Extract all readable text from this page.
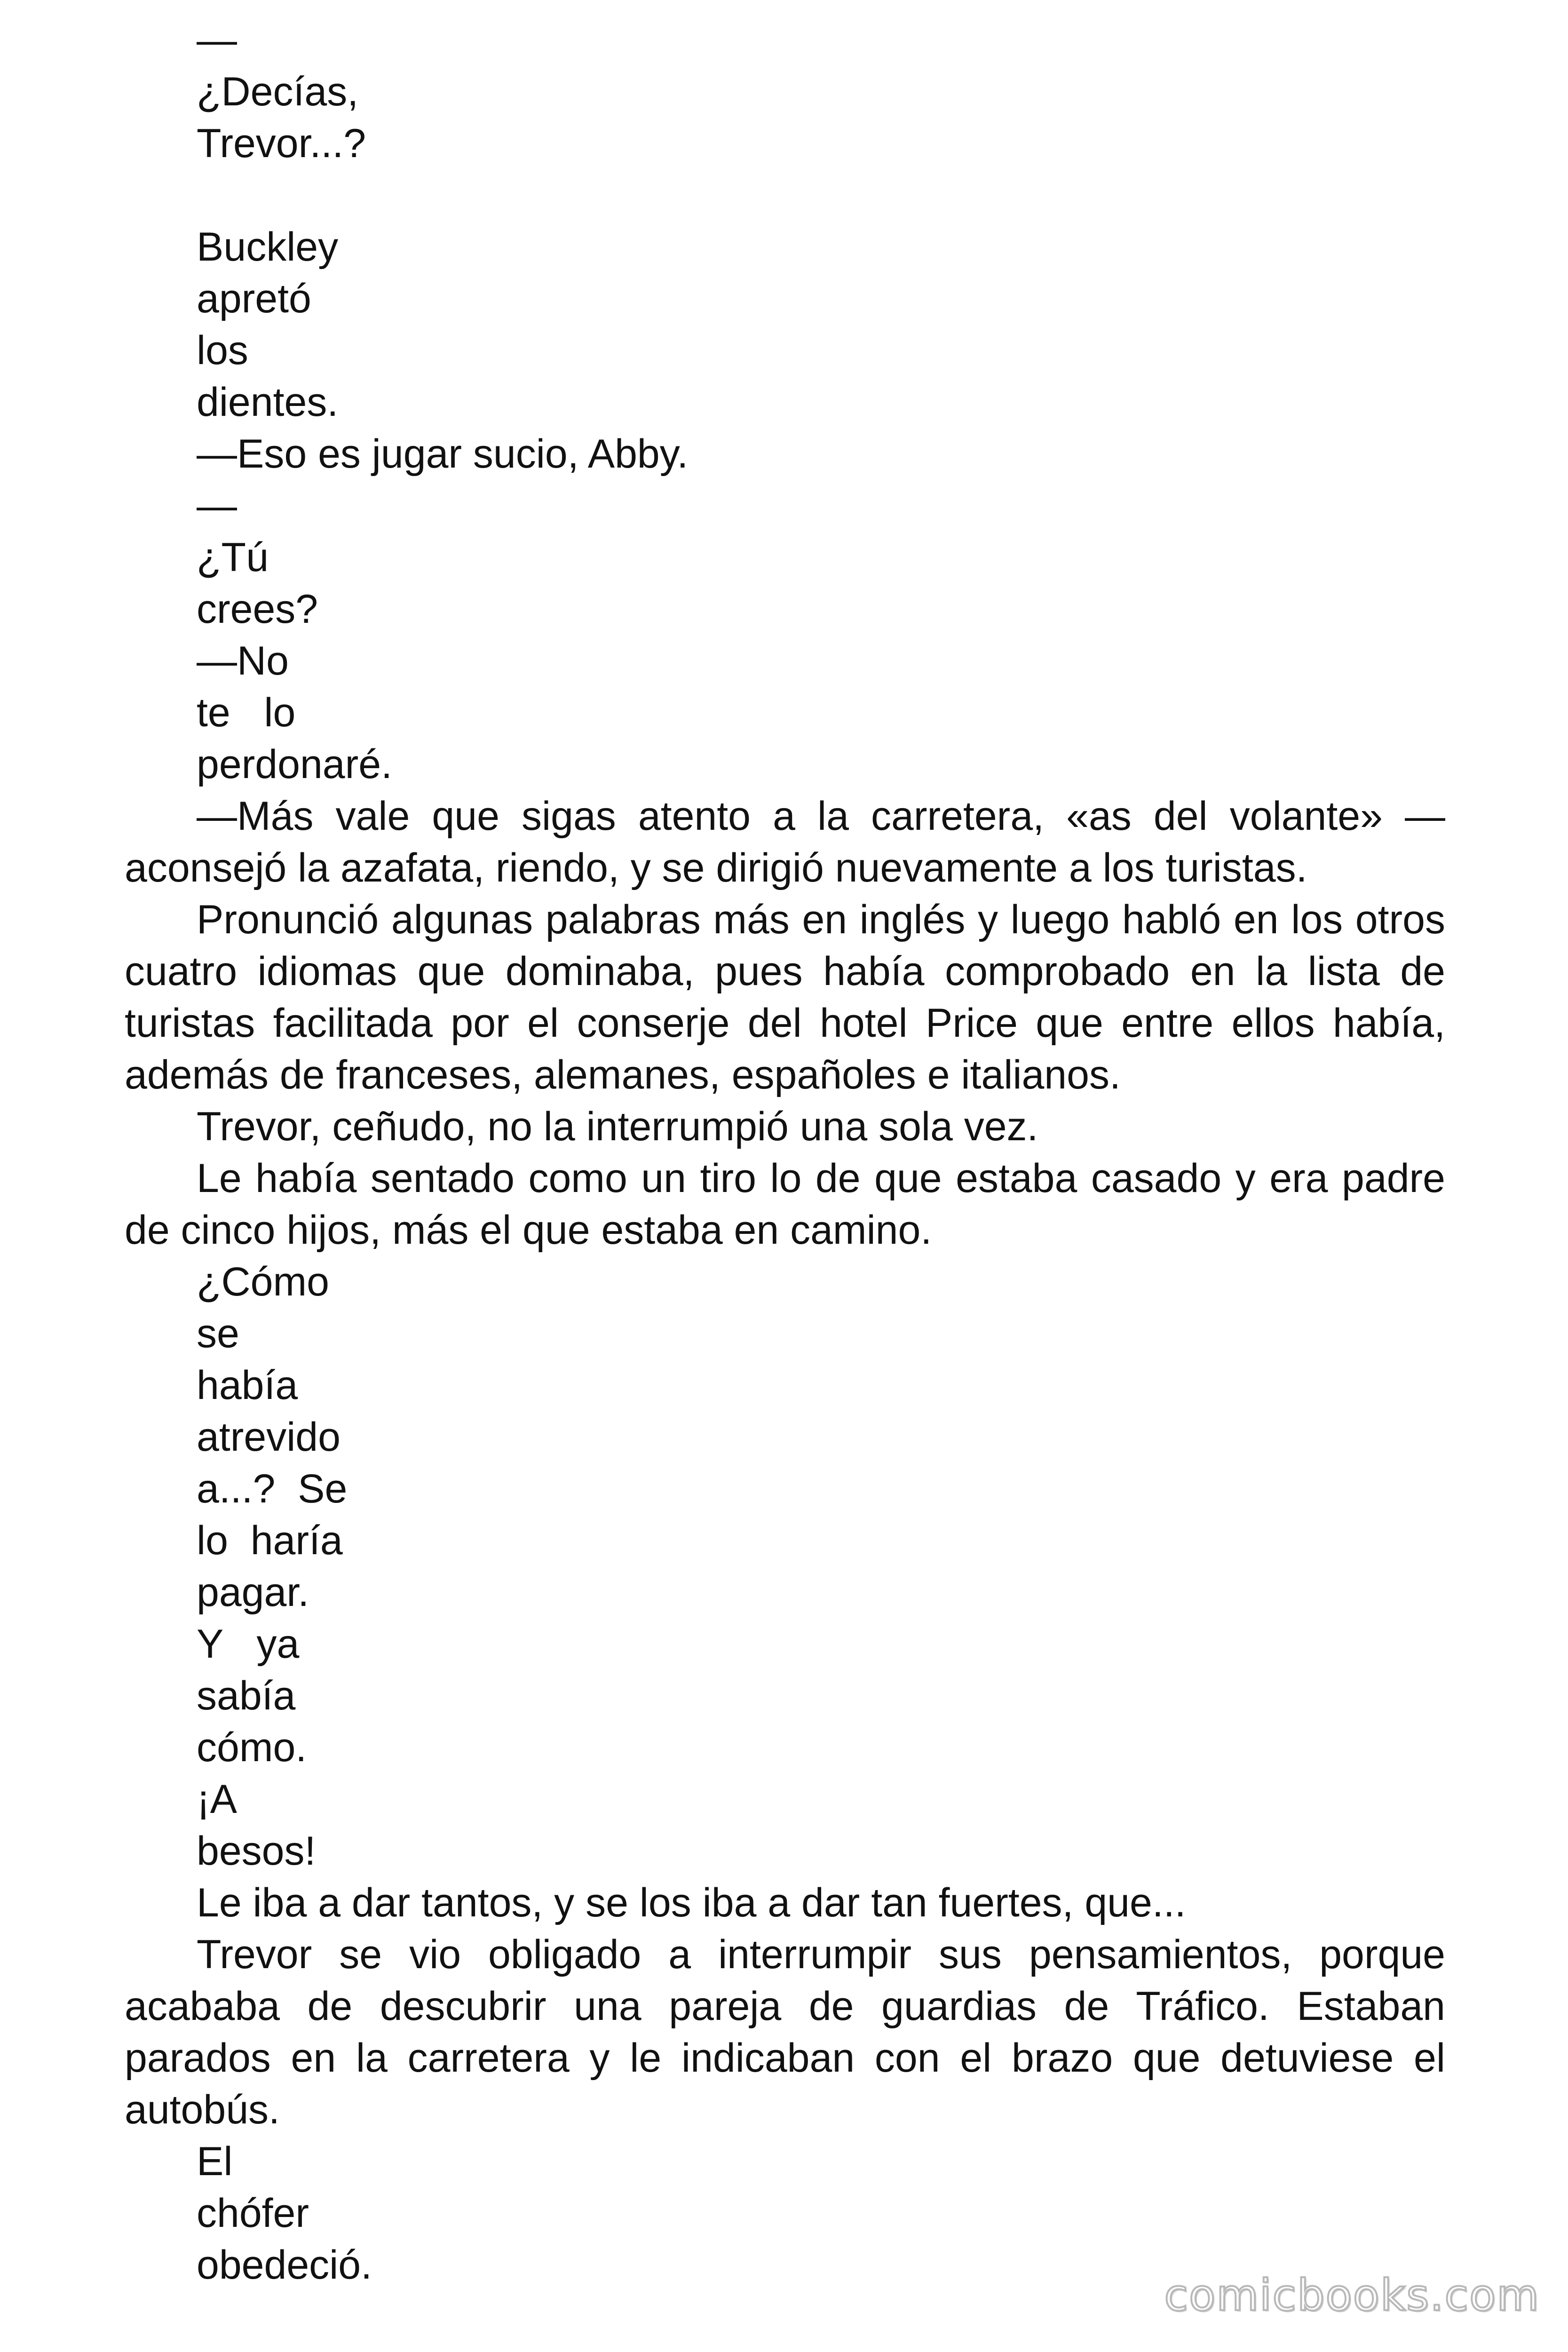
—

¿Decías,

Trevor...?

Buckley

apretó

los

dientes.

—Eso es jugar sucio, Abby.

—

¿Tú

crees?

—No

te   lo

perdonaré.

—Más vale que sigas atento a la carretera, «as del volante» —aconsejó la azafata, riendo, y se dirigió nuevamente a los turistas.

Pronunció algunas palabras más en inglés y luego habló en los otros cuatro idiomas que dominaba, pues había comprobado en la lista de turistas facilitada por el conserje del hotel Price que entre ellos había, además de franceses, alemanes, españoles e italianos.

Trevor, ceñudo, no la interrumpió una sola vez.

Le había sentado como un tiro lo de que estaba casado y era padre de cinco hijos, más el que estaba en camino.

¿Cómo

se

había

atrevido

a...?  Se

lo  haría

pagar.

Y   ya

sabía

cómo.

¡A

besos!

Le iba a dar tantos, y se los iba a dar tan fuertes, que...

Trevor se vio obligado a interrumpir sus pensamientos, porque acababa de descubrir una pareja de guardias de Tráfico. Estaban parados en la carretera y le indicaban con el brazo que detuviese el autobús.

El

chófer

obedeció.

comicbooks.com
